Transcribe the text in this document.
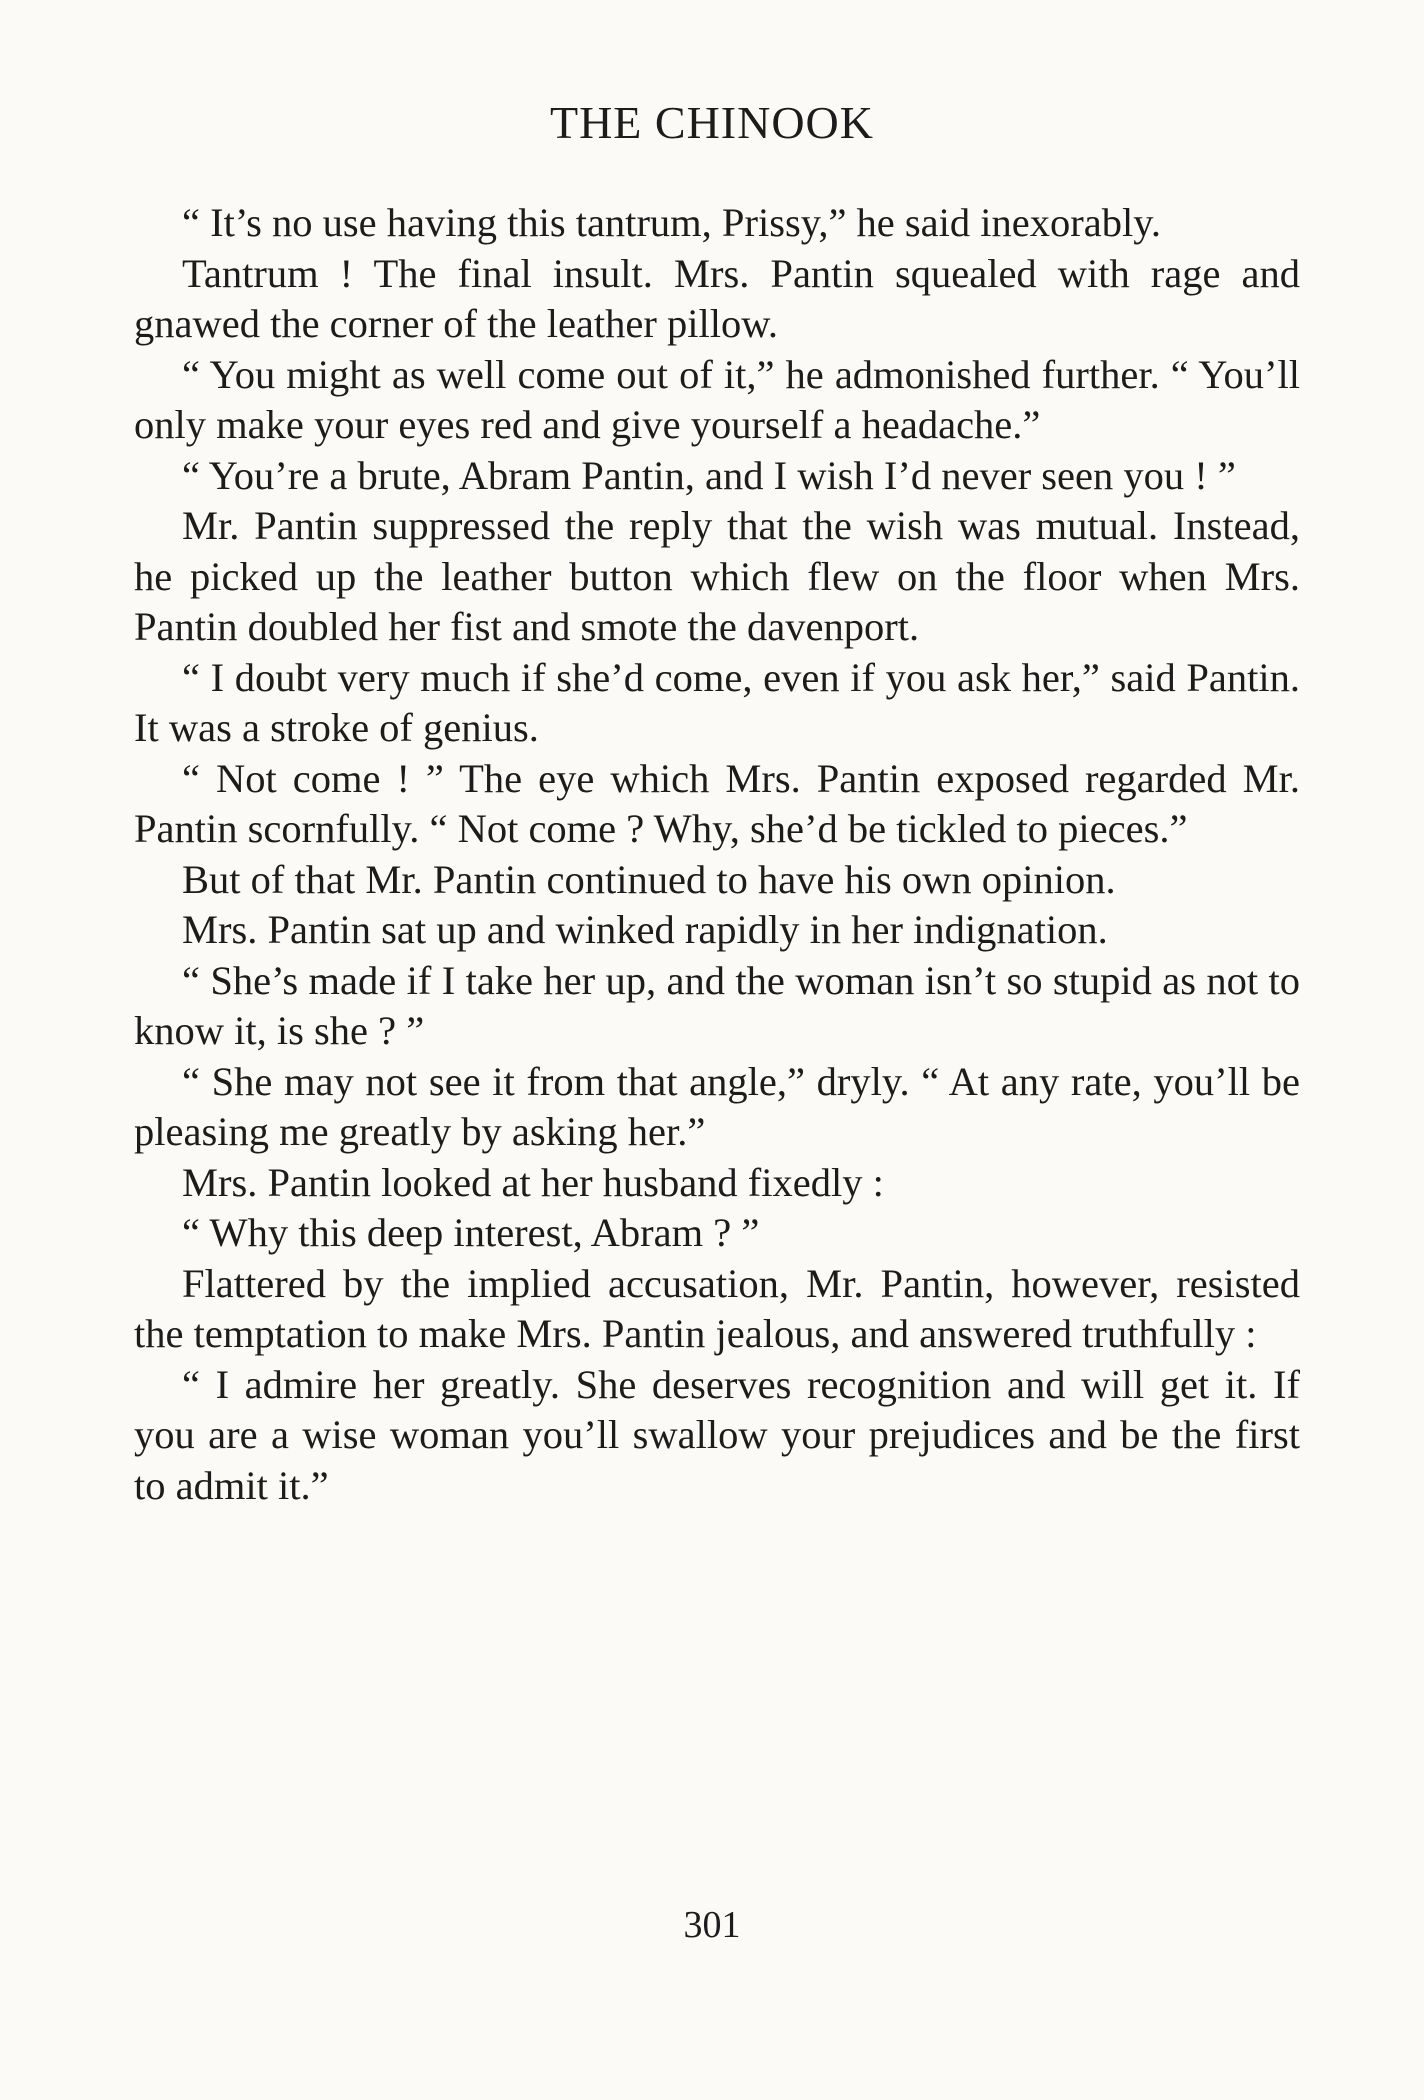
THE CHINOOK

“ It’s no use having this tantrum, Prissy,” he said inexorably.

Tantrum ! The final insult. Mrs. Pantin squealed with rage and gnawed the corner of the leather pillow.

“ You might as well come out of it,” he admonished further. “ You’ll only make your eyes red and give yourself a headache.”

“ You’re a brute, Abram Pantin, and I wish I’d never seen you ! ”

Mr. Pantin suppressed the reply that the wish was mutual. Instead, he picked up the leather button which flew on the floor when Mrs. Pantin doubled her fist and smote the davenport.

“ I doubt very much if she’d come, even if you ask her,” said Pantin. It was a stroke of genius.

“ Not come ! ” The eye which Mrs. Pantin exposed regarded Mr. Pantin scornfully. “ Not come ? Why, she’d be tickled to pieces.”

But of that Mr. Pantin continued to have his own opinion.

Mrs. Pantin sat up and winked rapidly in her indignation.

“ She’s made if I take her up, and the woman isn’t so stupid as not to know it, is she ? ”

“ She may not see it from that angle,” dryly. “ At any rate, you’ll be pleasing me greatly by asking her.”

Mrs. Pantin looked at her husband fixedly :

“ Why this deep interest, Abram ? ”

Flattered by the implied accusation, Mr. Pantin, however, resisted the temptation to make Mrs. Pantin jealous, and answered truthfully :

“ I admire her greatly. She deserves recognition and will get it. If you are a wise woman you’ll swallow your prejudices and be the first to admit it.”

301
